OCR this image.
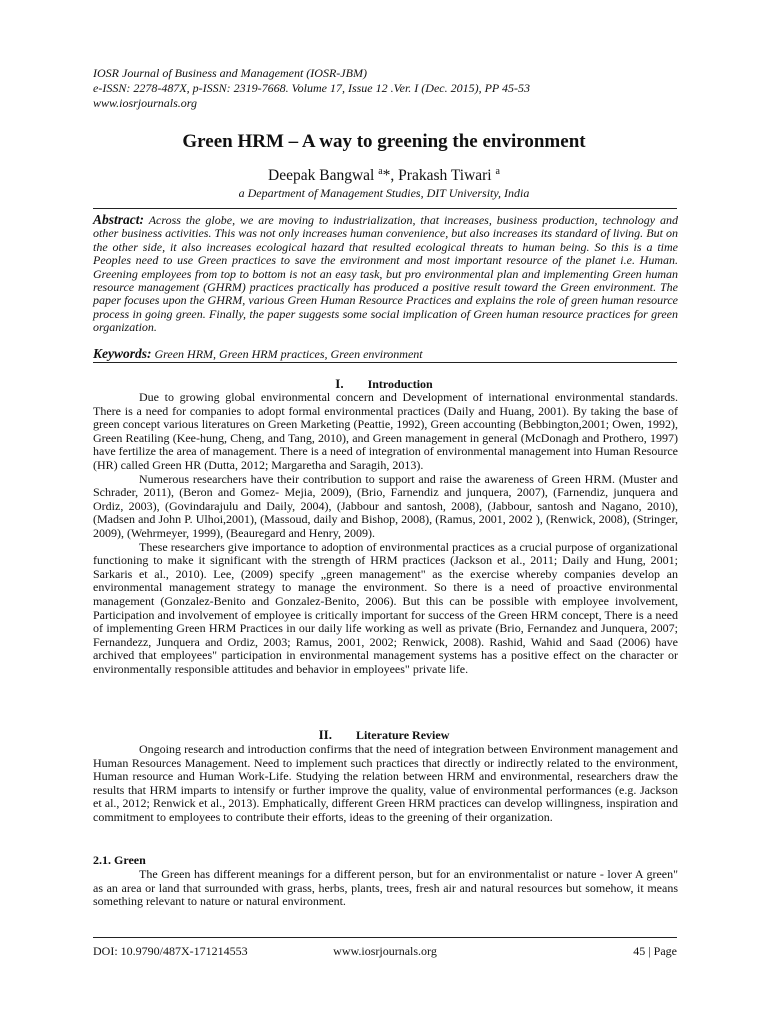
IOSR Journal of Business and Management (IOSR-JBM)
e-ISSN: 2278-487X, p-ISSN: 2319-7668. Volume 17, Issue 12 .Ver. I (Dec. 2015), PP 45-53
www.iosrjournals.org
Green HRM – A way to greening the environment
Deepak Bangwal $^a$*, Prakash Tiwari $^a$
a Department of Management Studies, DIT University, India
Abstract: Across the globe, we are moving to industrialization, that increases, business production, technology and other business activities. This was not only increases human convenience, but also increases its standard of living. But on the other side, it also increases ecological hazard that resulted ecological threats to human being. So this is a time Peoples need to use Green practices to save the environment and most important resource of the planet i.e. Human. Greening employees from top to bottom is not an easy task, but pro environmental plan and implementing Green human resource management (GHRM) practices practically has produced a positive result toward the Green environment. The paper focuses upon the GHRM, various Green Human Resource Practices and explains the role of green human resource process in going green. Finally, the paper suggests some social implication of Green human resource practices for green organization.
Keywords: Green HRM, Green HRM practices, Green environment
I. Introduction

Due to growing global environmental concern and Development of international environmental standards. There is a need for companies to adopt formal environmental practices (Daily and Huang, 2001). By taking the base of green concept various literatures on Green Marketing (Peattie, 1992), Green accounting (Bebbington,2001; Owen, 1992), Green Reatiling (Kee-hung, Cheng, and Tang, 2010), and Green management in general (McDonagh and Prothero, 1997) have fertilize the area of management. There is a need of integration of environmental management into Human Resource (HR) called Green HR (Dutta, 2012; Margaretha and Saragih, 2013).

Numerous researchers have their contribution to support and raise the awareness of Green HRM. (Muster and Schrader, 2011), (Beron and Gomez- Mejia, 2009), (Brio, Farnendiz and junquera, 2007), (Farnendiz, junquera and Ordiz, 2003), (Govindarajulu and Daily, 2004), (Jabbour and santosh, 2008), (Jabbour, santosh and Nagano, 2010), (Madsen and John P. Ulhoi,2001), (Massoud, daily and Bishop, 2008), (Ramus, 2001, 2002 ), (Renwick, 2008), (Stringer, 2009), (Wehrmeyer, 1999), (Beauregard and Henry, 2009).

These researchers give importance to adoption of environmental practices as a crucial purpose of organizational functioning to make it significant with the strength of HRM practices (Jackson et al., 2011; Daily and Hung, 2001; Sarkaris et al., 2010). Lee, (2009) specify „green management" as the exercise whereby companies develop an environmental management strategy to manage the environment. So there is a need of proactive environmental management (Gonzalez-Benito and Gonzalez-Benito, 2006). But this can be possible with employee involvement, Participation and involvement of employee is critically important for success of the Green HRM concept, There is a need of implementing Green HRM Practices in our daily life working as well as private (Brio, Fernandez and Junquera, 2007; Fernandezz, Junquera and Ordiz, 2003; Ramus, 2001, 2002; Renwick, 2008). Rashid, Wahid and Saad (2006) have archived that employees" participation in environmental management systems has a positive effect on the character or environmentally responsible attitudes and behavior in employees" private life.

II. Literature Review

Ongoing research and introduction confirms that the need of integration between Environment management and Human Resources Management. Need to implement such practices that directly or indirectly related to the environment, Human resource and Human Work-Life. Studying the relation between HRM and environmental, researchers draw the results that HRM imparts to intensify or further improve the quality, value of environmental performances (e.g. Jackson et al., 2012; Renwick et al., 2013). Emphatically, different Green HRM practices can develop willingness, inspiration and commitment to employees to contribute their efforts, ideas to the greening of their organization.

2.1. Green

The Green has different meanings for a different person, but for an environmentalist or nature - lover A green" as an area or land that surrounded with grass, herbs, plants, trees, fresh air and natural resources but somehow, it means something relevant to nature or natural environment.

DOI: 10.9790/487X-171214553	www.iosrjournals.org	45 | Page
